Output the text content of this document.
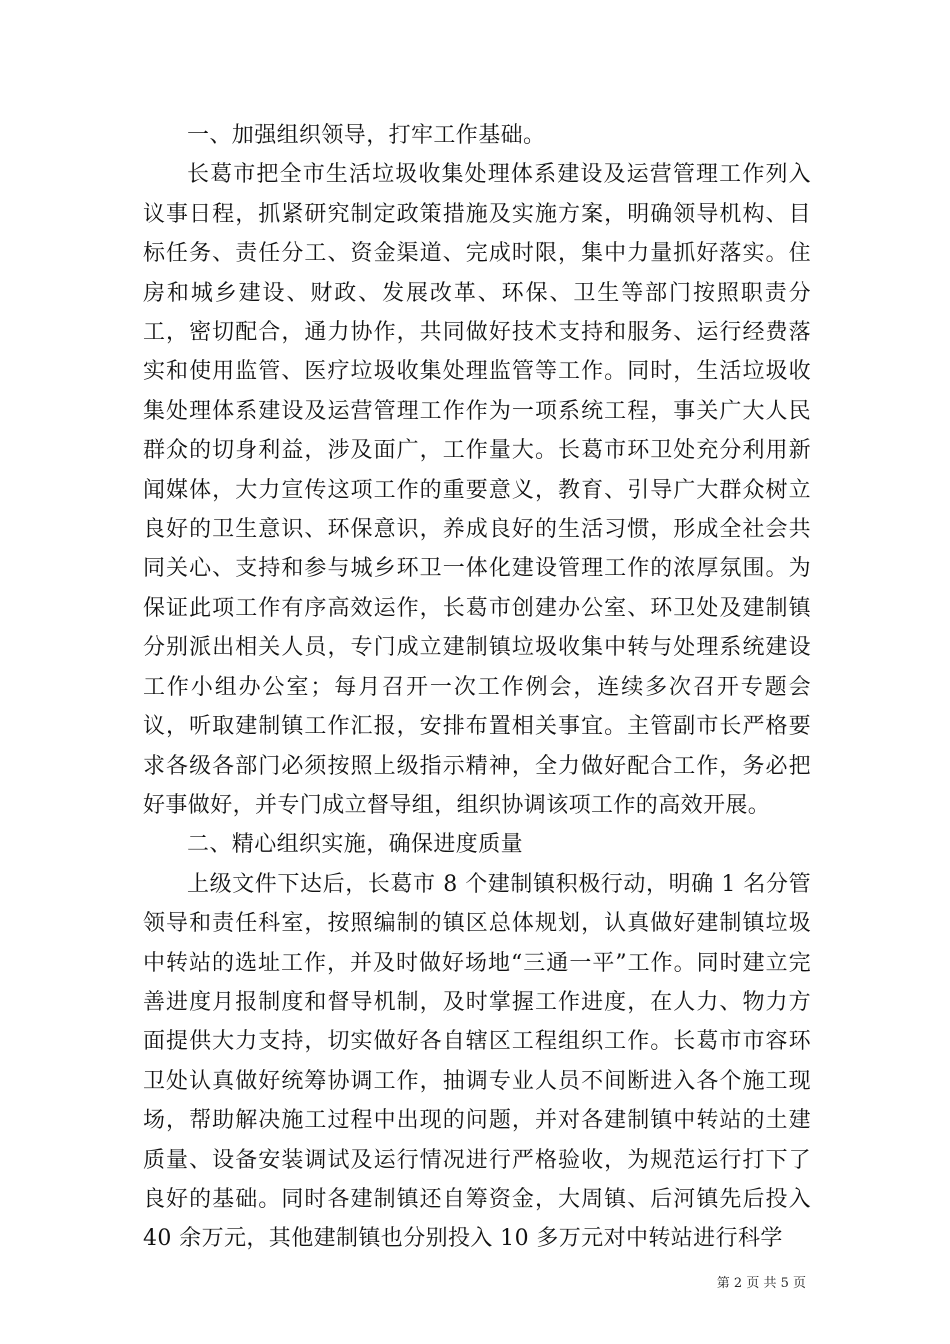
一、加强组织领导，打牢工作基础。

长葛市把全市生活垃圾收集处理体系建设及运营管理工作列入议事日程，抓紧研究制定政策措施及实施方案，明确领导机构、目标任务、责任分工、资金渠道、完成时限，集中力量抓好落实。住房和城乡建设、财政、发展改革、环保、卫生等部门按照职责分工，密切配合，通力协作，共同做好技术支持和服务、运行经费落实和使用监管、医疗垃圾收集处理监管等工作。同时，生活垃圾收集处理体系建设及运营管理工作作为一项系统工程，事关广大人民群众的切身利益，涉及面广，工作量大。长葛市环卫处充分利用新闻媒体，大力宣传这项工作的重要意义，教育、引导广大群众树立良好的卫生意识、环保意识，养成良好的生活习惯，形成全社会共同关心、支持和参与城乡环卫一体化建设管理工作的浓厚氛围。为保证此项工作有序高效运作，长葛市创建办公室、环卫处及建制镇分别派出相关人员，专门成立建制镇垃圾收集中转与处理系统建设工作小组办公室；每月召开一次工作例会，连续多次召开专题会议，听取建制镇工作汇报，安排布置相关事宜。主管副市长严格要求各级各部门必须按照上级指示精神，全力做好配合工作，务必把好事做好，并专门成立督导组，组织协调该项工作的高效开展。

二、精心组织实施，确保进度质量

上级文件下达后，长葛市 8 个建制镇积极行动，明确 1 名分管领导和责任科室，按照编制的镇区总体规划，认真做好建制镇垃圾中转站的选址工作，并及时做好场地“三通一平”工作。同时建立完善进度月报制度和督导机制，及时掌握工作进度，在人力、物力方面提供大力支持，切实做好各自辖区工程组织工作。长葛市市容环卫处认真做好统筹协调工作，抽调专业人员不间断进入各个施工现场，帮助解决施工过程中出现的问题，并对各建制镇中转站的土建质量、设备安装调试及运行情况进行严格验收，为规范运行打下了良好的基础。同时各建制镇还自筹资金，大周镇、后河镇先后投入 40 余万元，其他建制镇也分别投入 10 多万元对中转站进行科学

第 2 页 共 5 页
